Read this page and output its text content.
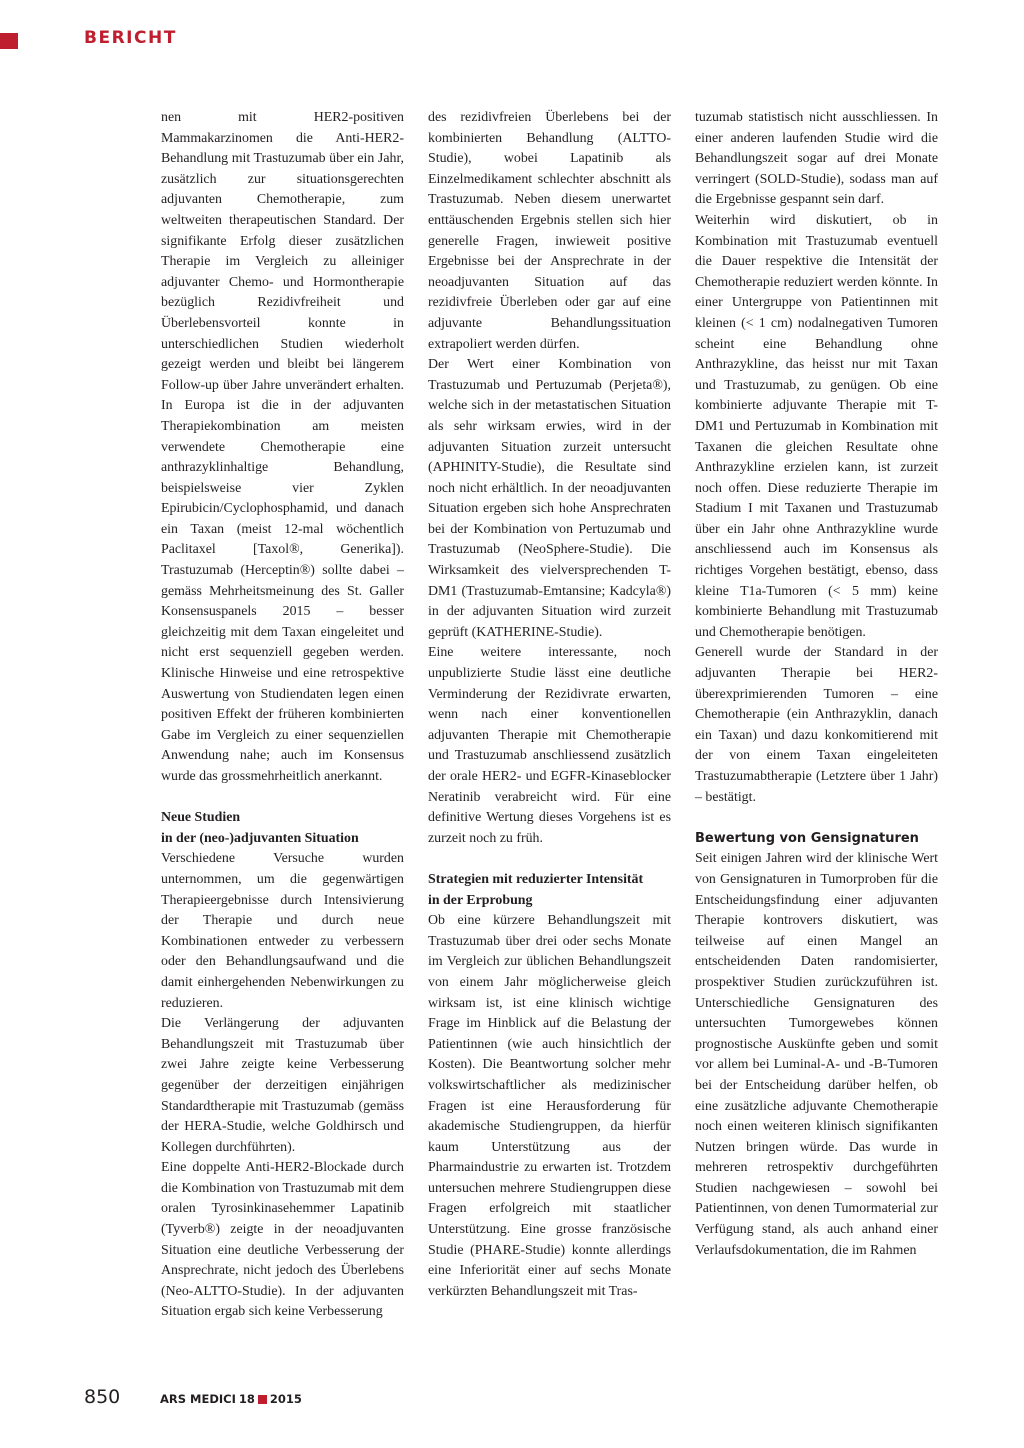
BERICHT

nen mit HER2-positiven Mammakarzinomen die Anti-HER2-Behandlung mit Trastuzumab über ein Jahr, zusätzlich zur situationsgerechten adjuvanten Chemotherapie, zum weltweiten therapeutischen Standard. Der signifikante Erfolg dieser zusätzlichen Therapie im Vergleich zu alleiniger adjuvanter Chemo- und Hormontherapie bezüglich Rezidivfreiheit und Überlebensvorteil konnte in unterschiedlichen Studien wiederholt gezeigt werden und bleibt bei längerem Follow-up über Jahre unverändert erhalten. In Europa ist die in der adjuvanten Therapiekombination am meisten verwendete Chemotherapie eine anthrazyklinhaltige Behandlung, beispielsweise vier Zyklen Epirubicin/Cyclophosphamid, und danach ein Taxan (meist 12-mal wöchentlich Paclitaxel [Taxol®, Generika]). Trastuzumab (Herceptin®) sollte dabei – gemäss Mehrheitsmeinung des St. Galler Konsensuspanels 2015 – besser gleichzeitig mit dem Taxan eingeleitet und nicht erst sequenziell gegeben werden. Klinische Hinweise und eine retrospektive Auswertung von Studiendaten legen einen positiven Effekt der früheren kombinierten Gabe im Vergleich zu einer sequenziellen Anwendung nahe; auch im Konsensus wurde das grossmehrheitlich anerkannt.

Neue Studien
in der (neo-)adjuvanten Situation

Verschiedene Versuche wurden unternommen, um die gegenwärtigen Therapieergebnisse durch Intensivierung der Therapie und durch neue Kombinationen entweder zu verbessern oder den Behandlungsaufwand und die damit einhergehenden Nebenwirkungen zu reduzieren.

Die Verlängerung der adjuvanten Behandlungszeit mit Trastuzumab über zwei Jahre zeigte keine Verbesserung gegenüber der derzeitigen einjährigen Standardtherapie mit Trastuzumab (gemäss der HERA-Studie, welche Goldhirsch und Kollegen durchführten).

Eine doppelte Anti-HER2-Blockade durch die Kombination von Trastuzumab mit dem oralen Tyrosinkinasehemmer Lapatinib (Tyverb®) zeigte in der neoadjuvanten Situation eine deutliche Verbesserung der Ansprechrate, nicht jedoch des Überlebens (Neo-ALTTO-Studie). In der adjuvanten Situation ergab sich keine Verbesserung

des rezidivfreien Überlebens bei der kombinierten Behandlung (ALTTO-Studie), wobei Lapatinib als Einzelmedikament schlechter abschnitt als Trastuzumab. Neben diesem unerwartet enttäuschenden Ergebnis stellen sich hier generelle Fragen, inwieweit positive Ergebnisse bei der Ansprechrate in der neoadjuvanten Situation auf das rezidivfreie Überleben oder gar auf eine adjuvante Behandlungssituation extrapoliert werden dürfen.

Der Wert einer Kombination von Trastuzumab und Pertuzumab (Perjeta®), welche sich in der metastatischen Situation als sehr wirksam erwies, wird in der adjuvanten Situation zurzeit untersucht (APHINITY-Studie), die Resultate sind noch nicht erhältlich. In der neoadjuvanten Situation ergeben sich hohe Ansprechraten bei der Kombination von Pertuzumab und Trastuzumab (NeoSphere-Studie). Die Wirksamkeit des vielversprechenden T-DM1 (Trastuzumab-Emtansine; Kadcyla®) in der adjuvanten Situation wird zurzeit geprüft (KATHERINE-Studie).

Eine weitere interessante, noch unpublizierte Studie lässt eine deutliche Verminderung der Rezidivrate erwarten, wenn nach einer konventionellen adjuvanten Therapie mit Chemotherapie und Trastuzumab anschliessend zusätzlich der orale HER2- und EGFR-Kinaseblocker Neratinib verabreicht wird. Für eine definitive Wertung dieses Vorgehens ist es zurzeit noch zu früh.

Strategien mit reduzierter Intensität
in der Erprobung

Ob eine kürzere Behandlungszeit mit Trastuzumab über drei oder sechs Monate im Vergleich zur üblichen Behandlungszeit von einem Jahr möglicherweise gleich wirksam ist, ist eine klinisch wichtige Frage im Hinblick auf die Belastung der Patientinnen (wie auch hinsichtlich der Kosten). Die Beantwortung solcher mehr volkswirtschaftlicher als medizinischer Fragen ist eine Herausforderung für akademische Studiengruppen, da hierfür kaum Unterstützung aus der Pharmaindustrie zu erwarten ist. Trotzdem untersuchen mehrere Studiengruppen diese Fragen erfolgreich mit staatlicher Unterstützung. Eine grosse französische Studie (PHARE-Studie) konnte allerdings eine Inferiorität einer auf sechs Monate verkürzten Behandlungszeit mit Tras-

tuzumab statistisch nicht ausschliessen. In einer anderen laufenden Studie wird die Behandlungszeit sogar auf drei Monate verringert (SOLD-Studie), sodass man auf die Ergebnisse gespannt sein darf.

Weiterhin wird diskutiert, ob in Kombination mit Trastuzumab eventuell die Dauer respektive die Intensität der Chemotherapie reduziert werden könnte. In einer Untergruppe von Patientinnen mit kleinen (< 1 cm) nodalnegativen Tumoren scheint eine Behandlung ohne Anthrazykline, das heisst nur mit Taxan und Trastuzumab, zu genügen. Ob eine kombinierte adjuvante Therapie mit T-DM1 und Pertuzumab in Kombination mit Taxanen die gleichen Resultate ohne Anthrazykline erzielen kann, ist zurzeit noch offen. Diese reduzierte Therapie im Stadium I mit Taxanen und Trastuzumab über ein Jahr ohne Anthrazykline wurde anschliessend auch im Konsensus als richtiges Vorgehen bestätigt, ebenso, dass kleine T1a-Tumoren (< 5 mm) keine kombinierte Behandlung mit Trastuzumab und Chemotherapie benötigen.

Generell wurde der Standard in der adjuvanten Therapie bei HER2-überexprimierenden Tumoren – eine Chemotherapie (ein Anthrazyklin, danach ein Taxan) und dazu konkomitierend mit der von einem Taxan eingeleiteten Trastuzumabtherapie (Letztere über 1 Jahr) – bestätigt.

Bewertung von Gensignaturen

Seit einigen Jahren wird der klinische Wert von Gensignaturen in Tumorproben für die Entscheidungsfindung einer adjuvanten Therapie kontrovers diskutiert, was teilweise auf einen Mangel an entscheidenden Daten randomisierter, prospektiver Studien zurückzuführen ist. Unterschiedliche Gensignaturen des untersuchten Tumorgewebes können prognostische Auskünfte geben und somit vor allem bei Luminal-A- und -B-Tumoren bei der Entscheidung darüber helfen, ob eine zusätzliche adjuvante Chemotherapie noch einen weiteren klinisch signifikanten Nutzen bringen würde. Das wurde in mehreren retrospektiv durchgeführten Studien nachgewiesen – sowohl bei Patientinnen, von denen Tumormaterial zur Verfügung stand, als auch anhand einer Verlaufsdokumentation, die im Rahmen

850	ARS MEDICI 18 2015
